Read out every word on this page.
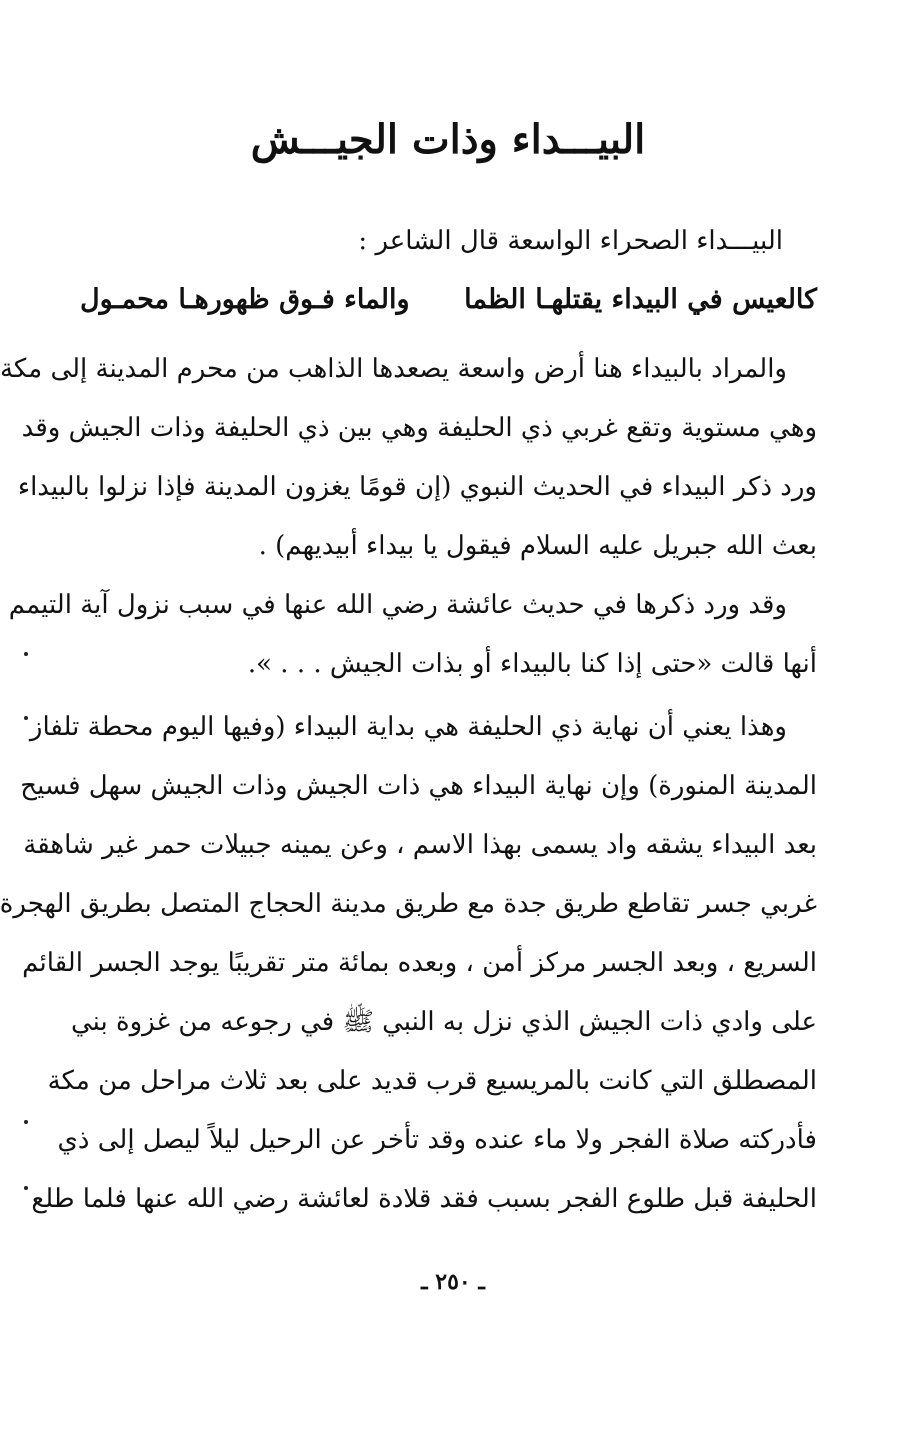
البيـــداء وذات الجيـــش
البيـــداء الصحراء الواسعة قال الشاعر :
كالعيس في البيداء يقتلهـا الظما
والماء فـوق ظهورهـا محمـول
والمراد بالبيداء هنا أرض واسعة يصعدها الذاهب من محرم المدينة إلى مكة
وهي مستوية وتقع غربي ذي الحليفة وهي بين ذي الحليفة وذات الجيش وقد
ورد ذكر البيداء في الحديث النبوي (إن قومًا يغزون المدينة فإذا نزلوا بالبيداء
بعث الله جبريل عليه السلام فيقول يا بيداء أبيديهم) .
وقد ورد ذكرها في حديث عائشة رضي الله عنها في سبب نزول آية التيمم
أنها قالت «حتى إذا كنا بالبيداء أو بذات الجيش . . . ».
وهذا يعني أن نهاية ذي الحليفة هي بداية البيداء (وفيها اليوم محطة تلفاز
المدينة المنورة) وإن نهاية البيداء هي ذات الجيش وذات الجيش سهل فسيح
بعد البيداء يشقه واد يسمى بهذا الاسم ، وعن يمينه جبيلات حمر غير شاهقة
غربي جسر تقاطع طريق جدة مع طريق مدينة الحجاج المتصل بطريق الهجرة
السريع ، وبعد الجسر مركز أمن ، وبعده بمائة متر تقريبًا يوجد الجسر القائم
على وادي ذات الجيش الذي نزل به النبي ﷺ في رجوعه من غزوة بني
المصطلق التي كانت بالمريسيع قرب قديد على بعد ثلاث مراحل من مكة
فأدركته صلاة الفجر ولا ماء عنده وقد تأخر عن الرحيل ليلاً ليصل إلى ذي
الحليفة قبل طلوع الفجر بسبب فقد قلادة لعائشة رضي الله عنها فلما طلع
ـ ٢٥٠ ـ
